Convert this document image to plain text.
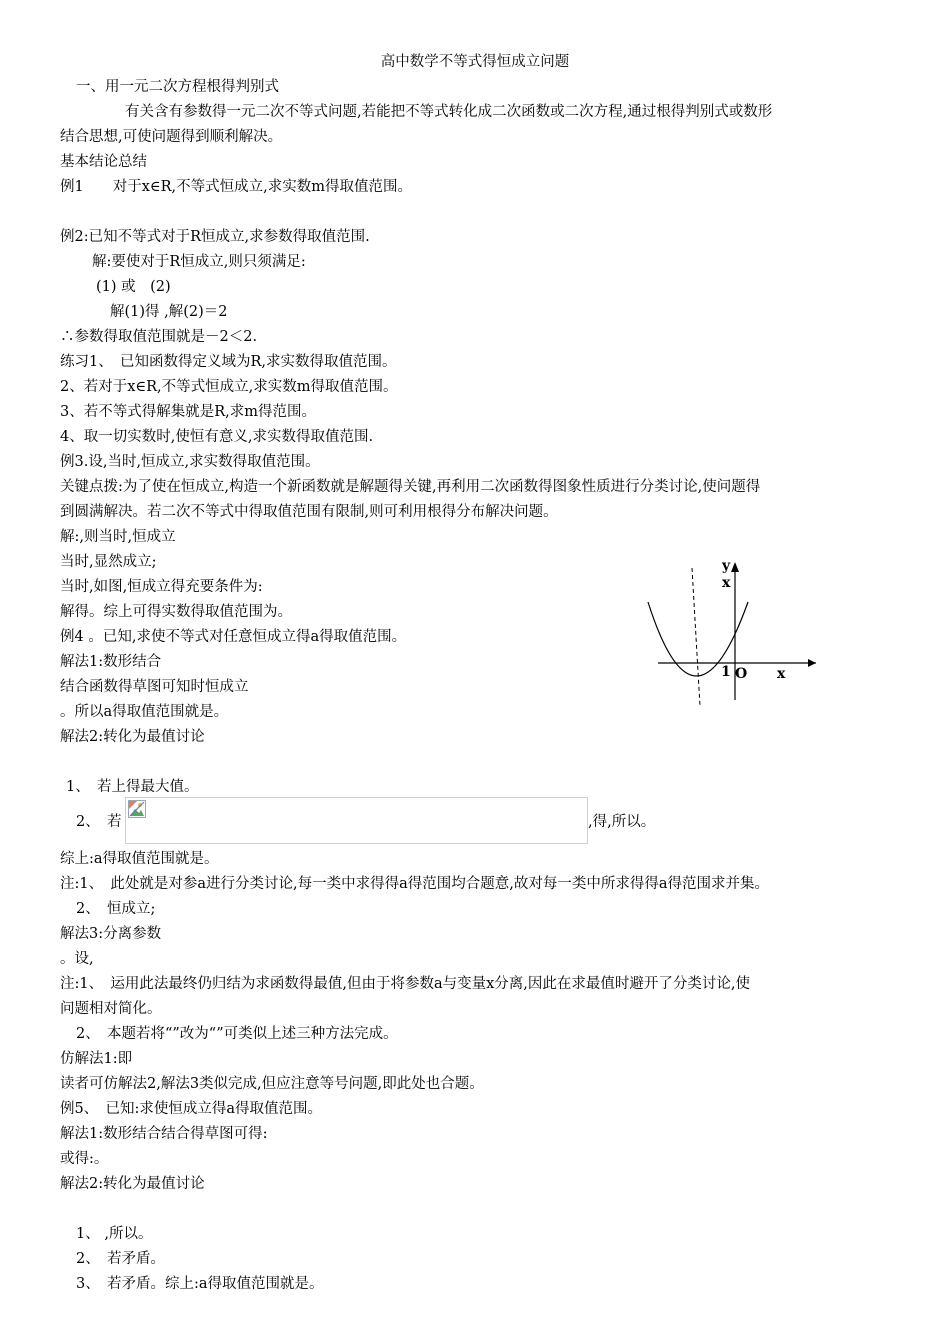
高中数学不等式得恒成立问题
一、用一元二次方程根得判别式
有关含有参数得一元二次不等式问题,若能把不等式转化成二次函数或二次方程,通过根得判别式或数形
结合思想,可使问题得到顺利解决。
基本结论总结
例1　　对于x∈R,不等式恒成立,求实数m得取值范围。
例2:已知不等式对于R恒成立,求参数得取值范围.
解:要使对于R恒成立,则只须满足:
(1) 或　(2)
解(1)得 ,解(2)＝2
∴参数得取值范围就是－2＜2.
练习1、　已知函数得定义域为R,求实数得取值范围。
2、若对于x∈R,不等式恒成立,求实数m得取值范围。
3、若不等式得解集就是R,求m得范围。
4、取一切实数时,使恒有意义,求实数得取值范围.
例3.设,当时,恒成立,求实数得取值范围。
关键点拨:为了使在恒成立,构造一个新函数就是解题得关键,再利用二次函数得图象性质进行分类讨论,使问题得
到圆满解决。若二次不等式中得取值范围有限制,则可利用根得分布解决问题。
解:,则当时,恒成立
当时,显然成立;
当时,如图,恒成立得充要条件为:
解得。综上可得实数得取值范围为。
例4 。已知,求使不等式对任意恒成立得a得取值范围。
解法1:数形结合
结合函数得草图可知时恒成立
。所以a得取值范围就是。
解法2:转化为最值讨论
1、　若上得最大值。
2、　若	,得,所以。
综上:a得取值范围就是。
注:1、　此处就是对参a进行分类讨论,每一类中求得得a得范围均合题意,故对每一类中所求得得a得范围求并集。
2、　恒成立;
解法3:分离参数
。设,
注:1、　运用此法最终仍归结为求函数得最值,但由于将参数a与变量x分离,因此在求最值时避开了分类讨论,使
问题相对简化。
2、　本题若将“”改为“”可类似上述三种方法完成。
仿解法1:即
读者可仿解法2,解法3类似完成,但应注意等号问题,即此处也合题。
例5、　已知:求使恒成立得a得取值范围。
解法1:数形结合结合得草图可得:
或得:。
解法2:转化为最值讨论
1、 ,所以。
2、　若矛盾。
3、　若矛盾。综上:a得取值范围就是。
y
x
x
1 O
